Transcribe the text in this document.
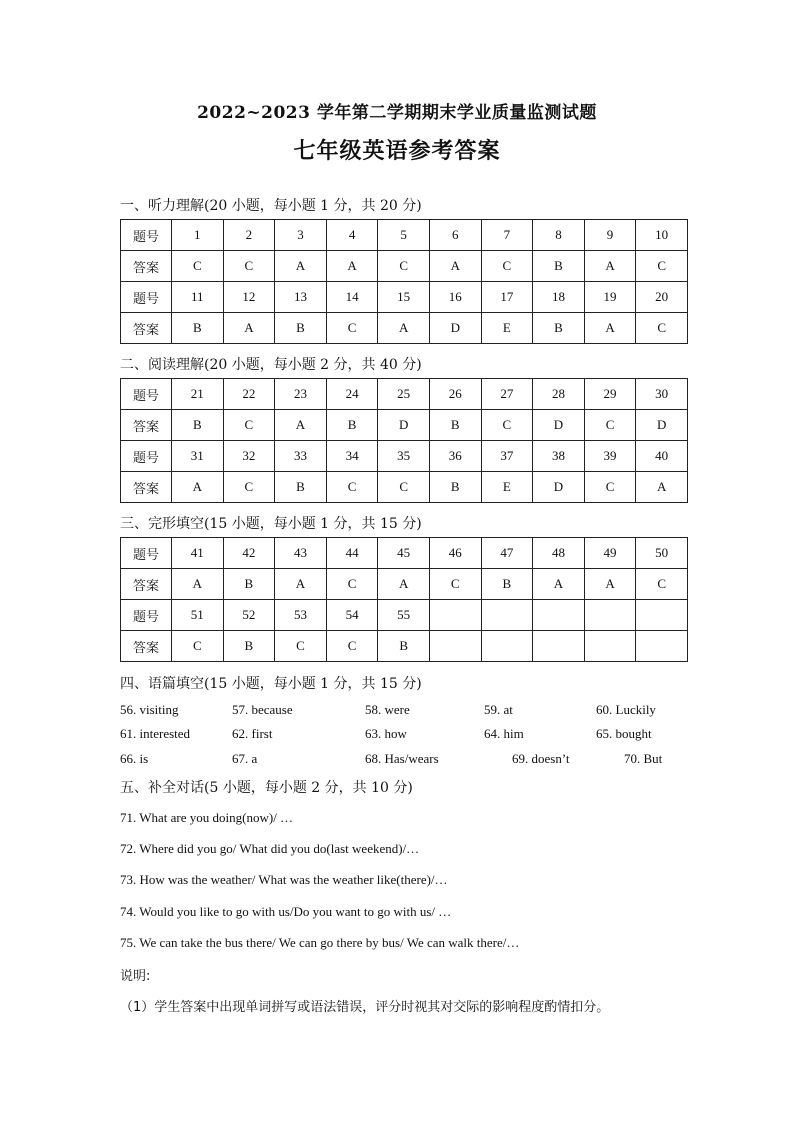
2022~2023 学年第二学期期末学业质量监测试题
七年级英语参考答案
一、听力理解(20 小题，每小题 1 分，共 20 分)
题号	1	2	3	4	5	6	7	8	9	10
答案	C	C	A	A	C	A	C	B	A	C
题号	11	12	13	14	15	16	17	18	19	20
答案	B	A	B	C	A	D	E	B	A	C
二、阅读理解(20 小题，每小题 2 分，共 40 分)
题号	21	22	23	24	25	26	27	28	29	30
答案	B	C	A	B	D	B	C	D	C	D
题号	31	32	33	34	35	36	37	38	39	40
答案	A	C	B	C	C	B	E	D	C	A
三、完形填空(15 小题，每小题 1 分，共 15 分)
题号	41	42	43	44	45	46	47	48	49	50
答案	A	B	A	C	A	C	B	A	A	C
题号	51	52	53	54	55					
答案	C	B	C	C	B					
四、语篇填空(15 小题，每小题 1 分，共 15 分)
56. visiting	57. because	58. were	59. at	60. Luckily
61. interested	62. first	63. how	64. him	65. bought
66. is	67. a	68. Has/wears	69. doesn’t	70. But
五、补全对话(5 小题，每小题 2 分，共 10 分)
71. What are you doing(now)/ …
72. Where did you go/ What did you do(last weekend)/…
73. How was the weather/ What was the weather like(there)/…
74. Would you like to go with us/Do you want to go with us/ …
75. We can take the bus there/ We can go there by bus/ We can walk there/…
说明:
（1）学生答案中出现单词拼写或语法错误，评分时视其对交际的影响程度酌情扣分。
